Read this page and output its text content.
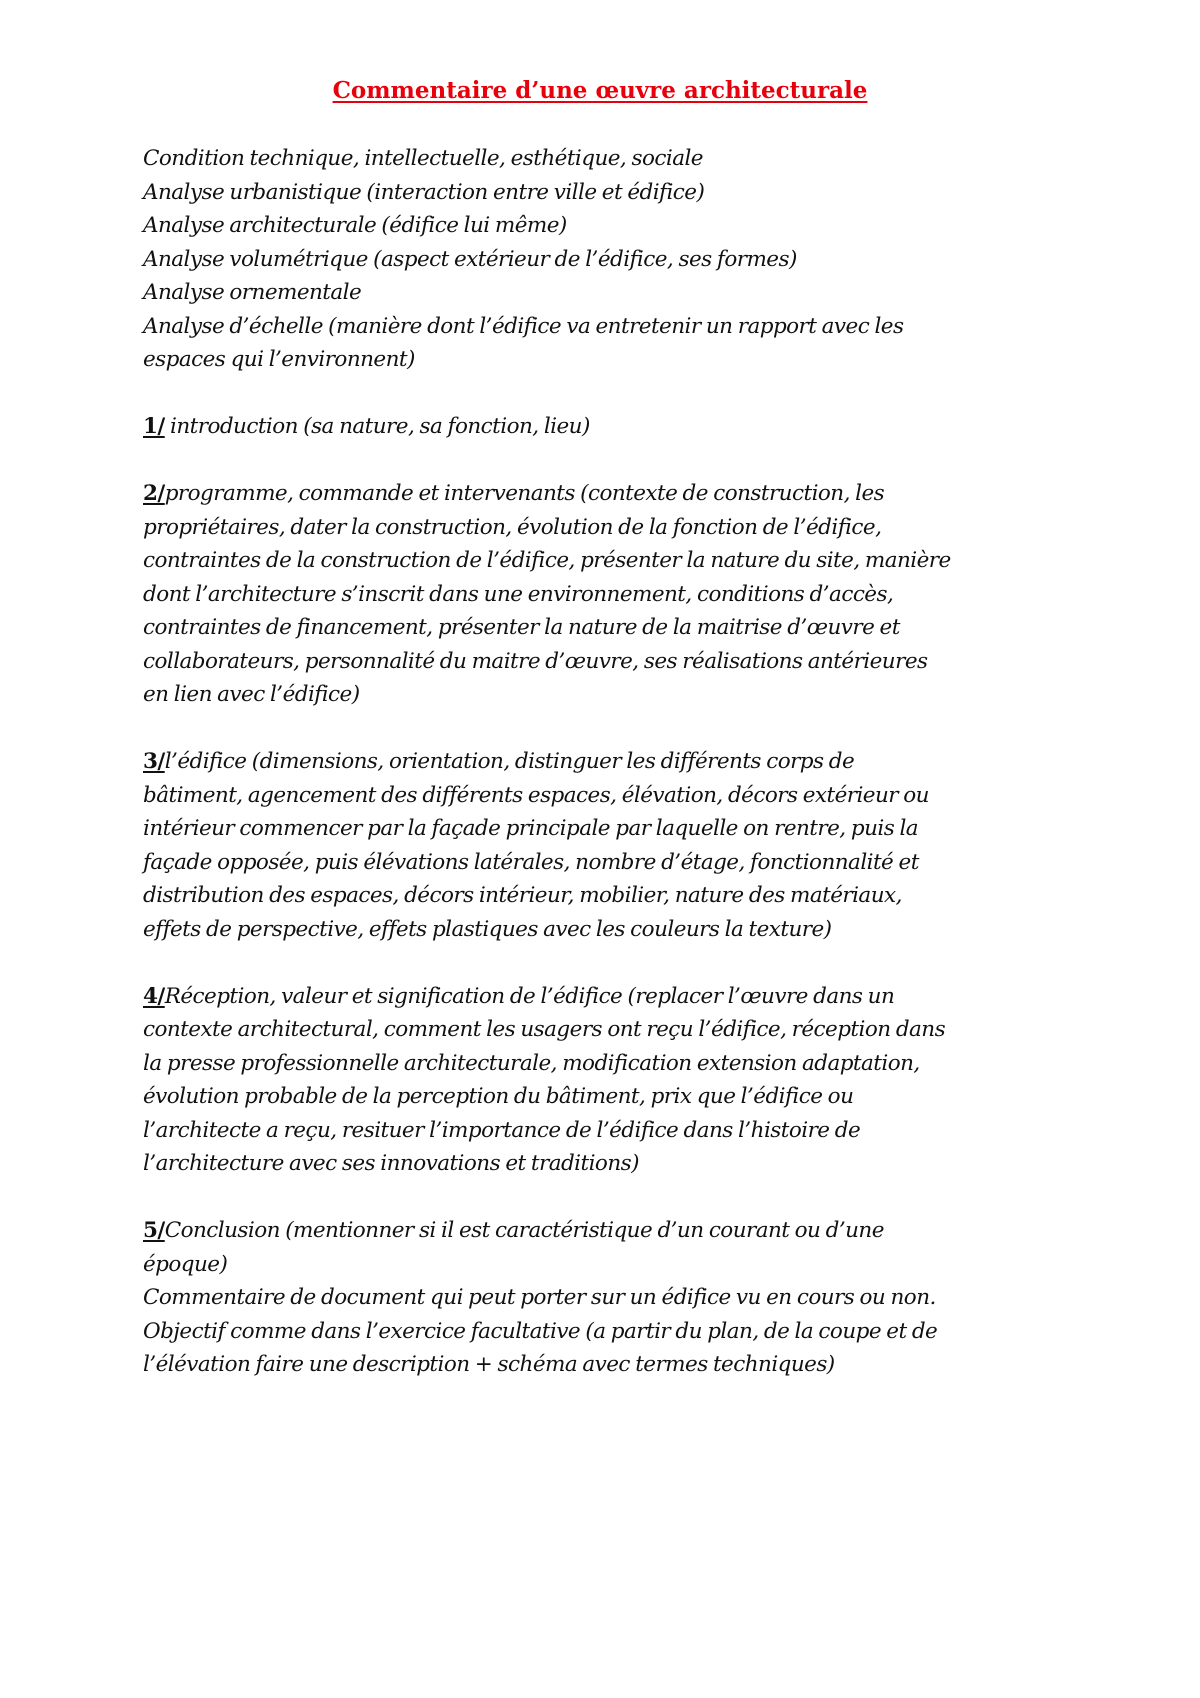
Commentaire d’une œuvre architecturale
Condition technique, intellectuelle, esthétique, sociale
Analyse urbanistique (interaction entre ville et édifice)
Analyse architecturale (édifice lui même)
Analyse volumétrique (aspect extérieur de l’édifice, ses formes)
Analyse ornementale
Analyse d’échelle (manière dont l’édifice va entretenir un rapport avec les
espaces qui l’environnent)
1/ introduction (sa nature, sa fonction, lieu)
2/programme, commande et intervenants (contexte de construction, les
propriétaires, dater la construction, évolution de la fonction de l’édifice,
contraintes de la construction de l’édifice, présenter la nature du site, manière
dont l’architecture s’inscrit dans une environnement, conditions d’accès,
contraintes de financement, présenter la nature de la maitrise d’œuvre et
collaborateurs, personnalité du maitre d’œuvre, ses réalisations antérieures
en lien avec l’édifice)
3/l’édifice (dimensions, orientation, distinguer les différents corps de
bâtiment, agencement des différents espaces, élévation, décors extérieur ou
intérieur commencer par la façade principale par laquelle on rentre, puis la
façade opposée, puis élévations latérales, nombre d’étage, fonctionnalité et
distribution des espaces, décors intérieur, mobilier, nature des matériaux,
effets de perspective, effets plastiques avec les couleurs la texture)
4/Réception, valeur et signification de l’édifice (replacer l’œuvre dans un
contexte architectural, comment les usagers ont reçu l’édifice, réception dans
la presse professionnelle architecturale, modification extension adaptation,
évolution probable de la perception du bâtiment, prix que l’édifice ou
l’architecte a reçu, resituer l’importance de l’édifice dans l’histoire de
l’architecture avec ses innovations et traditions)
5/Conclusion (mentionner si il est caractéristique d’un courant ou d’une
époque)
Commentaire de document qui peut porter sur un édifice vu en cours ou non.
Objectif comme dans l’exercice facultative (a partir du plan, de la coupe et de
l’élévation faire une description + schéma avec termes techniques)
